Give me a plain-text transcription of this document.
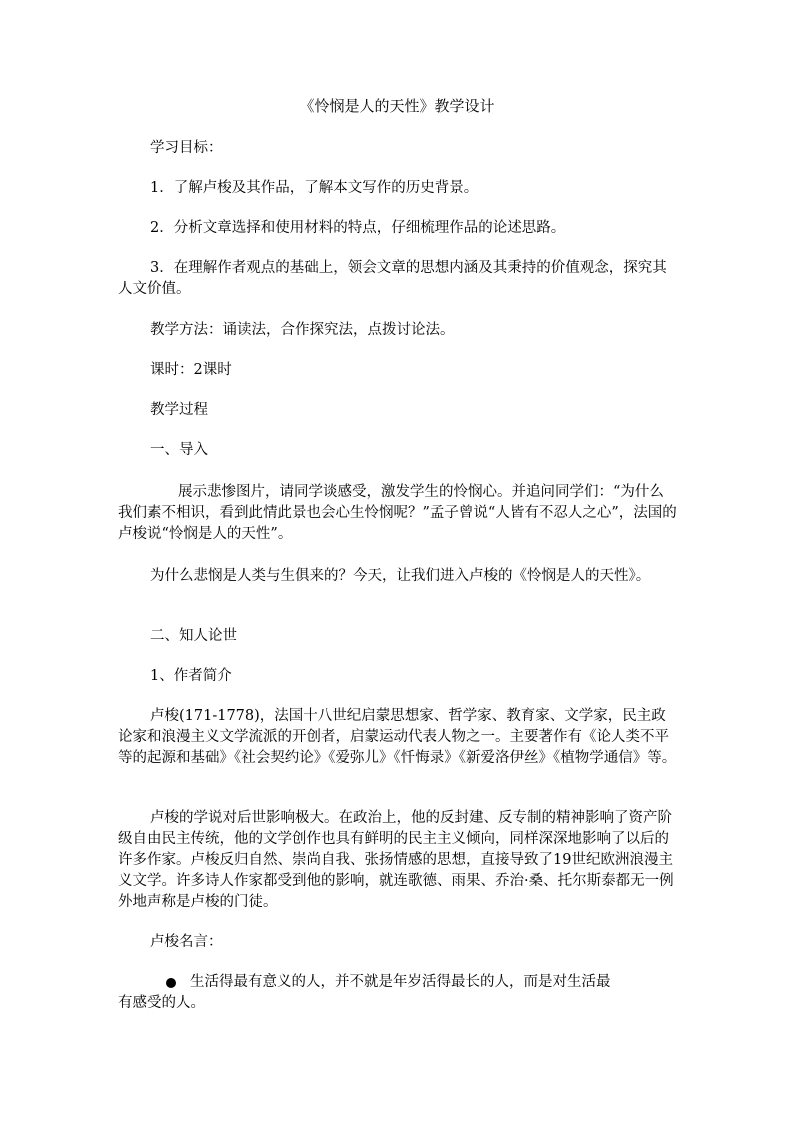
《怜悯是人的天性》教学设计

学习目标：

1．了解卢梭及其作品，了解本文写作的历史背景。

2．分析文章选择和使用材料的特点，仔细梳理作品的论述思路。

3．在理解作者观点的基础上，领会文章的思想内涵及其秉持的价值观念，探究其人文价值。

教学方法：诵读法，合作探究法，点拨讨论法。

课时：2课时

教学过程

一、导入

展示悲惨图片，请同学谈感受，激发学生的怜悯心。并追问同学们：“为什么我们素不相识，看到此情此景也会心生怜悯呢？”孟子曾说“人皆有不忍人之心”，法国的卢梭说“怜悯是人的天性”。

为什么悲悯是人类与生俱来的？今天，让我们进入卢梭的《怜悯是人的天性》。

二、知人论世

1、作者简介

卢梭(171-1778)，法国十八世纪启蒙思想家、哲学家、教育家、文学家，民主政论家和浪漫主义文学流派的开创者，启蒙运动代表人物之一。主要著作有《论人类不平等的起源和基础》《社会契约论》《爱弥儿》《忏悔录》《新爱洛伊丝》《植物学通信》等。

卢梭的学说对后世影响极大。在政治上，他的反封建、反专制的精神影响了资产阶级自由民主传统，他的文学创作也具有鲜明的民主主义倾向，同样深深地影响了以后的许多作家。卢梭反归自然、崇尚自我、张扬情感的思想，直接导致了19世纪欧洲浪漫主义文学。许多诗人作家都受到他的影响，就连歌德、雨果、乔治·桑、托尔斯泰都无一例外地声称是卢梭的门徒。

卢梭名言：

生活得最有意义的人，并不就是年岁活得最长的人，而是对生活最
有感受的人。
